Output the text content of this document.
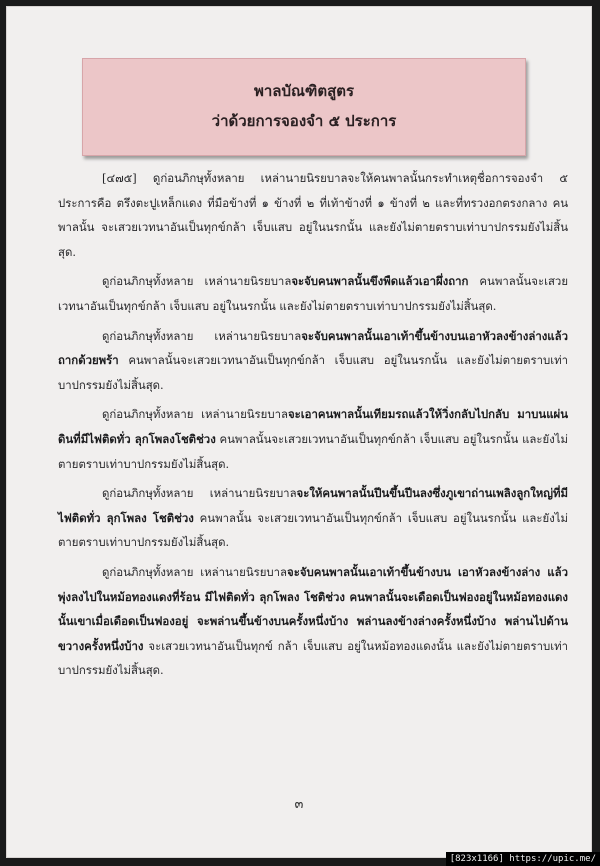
พาลบัณฑิตสูตร
ว่าด้วยการจองจำ ๕ ประการ

[๔๗๕] ดูก่อนภิกษุทั้งหลาย เหล่านายนิรยบาลจะให้คนพาลนั้นกระทำเหตุชื่อการจองจำ ๕ ประการคือ ตรึงตะปูเหล็กแดง ที่มือข้างที่ ๑ ข้างที่ ๒ ที่เท้าข้างที่ ๑ ข้างที่ ๒ และที่ทรวงอกตรงกลาง คนพาลนั้น จะเสวยเวทนาอันเป็นทุกข์กล้า เจ็บแสบ อยู่ในนรกนั้น และยังไม่ตายตราบเท่าบาปกรรมยังไม่สิ้นสุด.

ดูก่อนภิกษุทั้งหลาย เหล่านายนิรยบาลจะจับคนพาลนั้นขึงพืดแล้วเอาผึ่งถาก คนพาลนั้นจะเสวยเวทนาอันเป็นทุกข์กล้า เจ็บแสบ อยู่ในนรกนั้น และยังไม่ตายตราบเท่าบาปกรรมยังไม่สิ้นสุด.

ดูก่อนภิกษุทั้งหลาย เหล่านายนิรยบาลจะจับคนพาลนั้นเอาเท้าขึ้นข้างบนเอาหัวลงข้างล่างแล้วถากด้วยพร้า คนพาลนั้นจะเสวยเวทนาอันเป็นทุกข์กล้า เจ็บแสบ อยู่ในนรกนั้น และยังไม่ตายตราบเท่าบาปกรรมยังไม่สิ้นสุด.

ดูก่อนภิกษุทั้งหลาย เหล่านายนิรยบาลจะเอาคนพาลนั้นเทียมรถแล้วให้วิ่งกลับไปกลับ มาบนแผ่นดินที่มีไฟติดทั่ว ลุกโพลงโชติช่วง คนพาลนั้นจะเสวยเวทนาอันเป็นทุกข์กล้า เจ็บแสบ อยู่ในรกนั้น และยังไม่ตายตราบเท่าบาปกรรมยังไม่สิ้นสุด.

ดูก่อนภิกษุทั้งหลาย เหล่านายนิรยบาลจะให้คนพาลนั้นปีนขึ้นปีนลงซึ่งภูเขาถ่านเพลิงลูกใหญ่ที่มีไฟติดทั่ว ลุกโพลง โชติช่วง คนพาลนั้น จะเสวยเวทนาอันเป็นทุกข์กล้า เจ็บแสบ อยู่ในนรกนั้น และยังไม่ตายตราบเท่าบาปกรรมยังไม่สิ้นสุด.

ดูก่อนภิกษุทั้งหลาย เหล่านายนิรยบาลจะจับคนพาลนั้นเอาเท้าขึ้นข้างบน เอาหัวลงข้างล่าง แล้วพุ่งลงไปในหม้อทองแดงที่ร้อน มีไฟติดทั่ว ลุกโพลง โชติช่วง คนพาลนั้นจะเดือดเป็นฟองอยู่ในหม้อทองแดงนั้นเขาเมื่อเดือดเป็นฟองอยู่ จะพล่านขึ้นข้างบนครั้งหนึ่งบ้าง พล่านลงข้างล่างครั้งหนึ่งบ้าง พล่านไปด้านขวางครั้งหนึ่งบ้าง จะเสวยเวทนาอันเป็นทุกข์ กล้า เจ็บแสบ อยู่ในหม้อทองแดงนั้น และยังไม่ตายตราบเท่าบาปกรรมยังไม่สิ้นสุด.

๓
[823x1166] https://upic.me/
